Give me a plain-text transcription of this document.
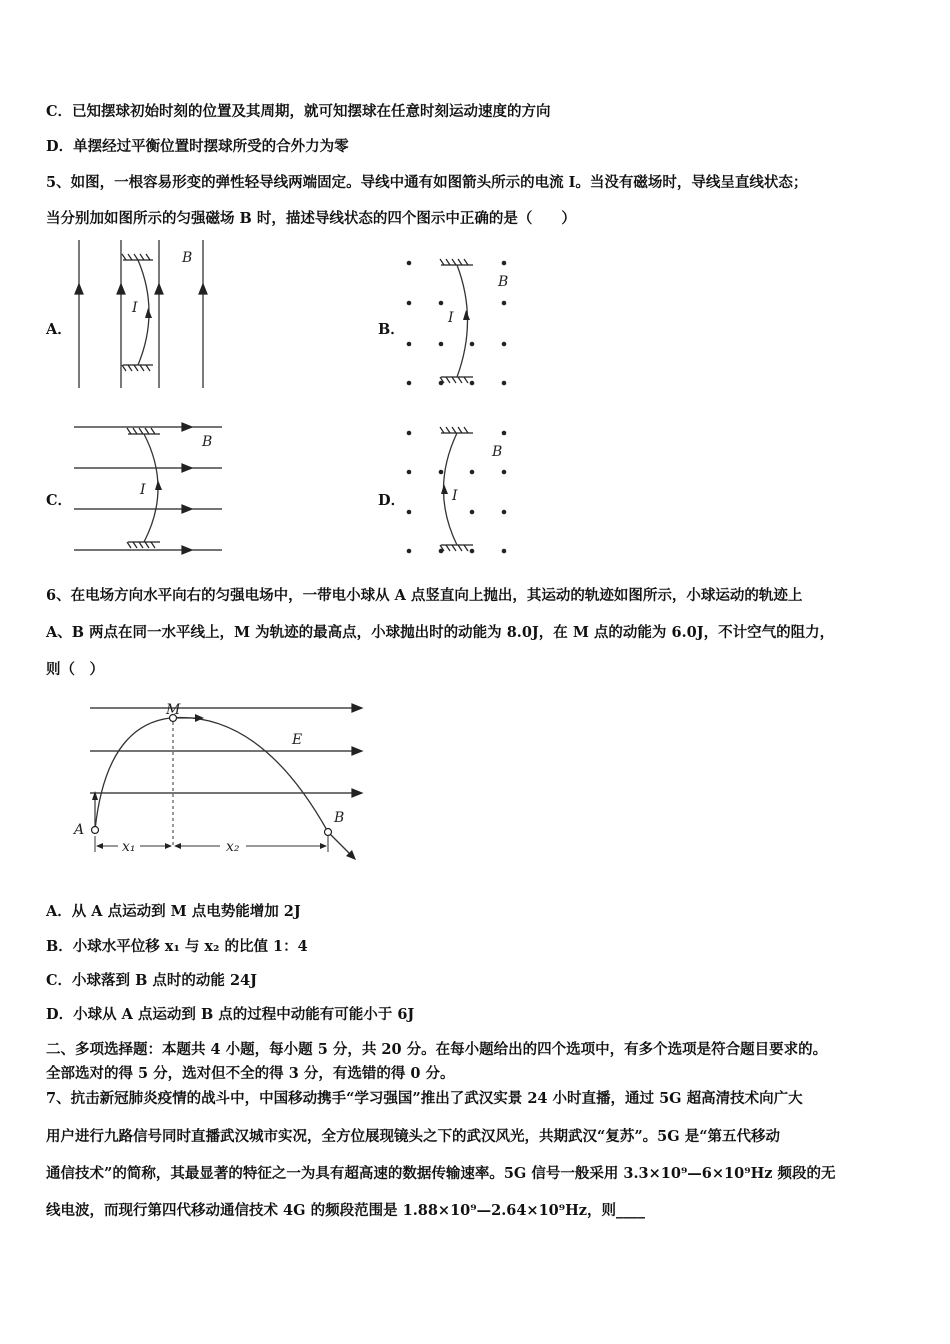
C．已知摆球初始时刻的位置及其周期，就可知摆球在任意时刻运动速度的方向
D．单摆经过平衡位置时摆球所受的合外力为零
5、如图，一根容易形变的弹性轻导线两端固定。导线中通有如图箭头所示的电流 I。当没有磁场时，导线呈直线状态；
当分别加如图所示的匀强磁场 B 时，描述导线状态的四个图示中正确的是（　　）
A．	B．
C．	D．
I
B
I
B
I
B
I
B
6、在电场方向水平向右的匀强电场中，一带电小球从 A 点竖直向上抛出，其运动的轨迹如图所示，小球运动的轨迹上
A、B 两点在同一水平线上，M 为轨迹的最高点，小球抛出时的动能为 8.0J，在 M 点的动能为 6.0J，不计空气的阻力，
则（　）
M
E
A
B
x₁	x₂
A．从 A 点运动到 M 点电势能增加 2J
B．小球水平位移 x₁ 与 x₂ 的比值 1：4
C．小球落到 B 点时的动能 24J
D．小球从 A 点运动到 B 点的过程中动能有可能小于 6J
二、多项选择题：本题共 4 小题，每小题 5 分，共 20 分。在每小题给出的四个选项中，有多个选项是符合题目要求的。
全部选对的得 5 分，选对但不全的得 3 分，有选错的得 0 分。
7、抗击新冠肺炎疫情的战斗中，中国移动携手“学习强国”推出了武汉实景 24 小时直播，通过 5G 超高清技术向广大
用户进行九路信号同时直播武汉城市实况，全方位展现镜头之下的武汉风光，共期武汉“复苏”。5G 是“第五代移动
通信技术”的简称，其最显著的特征之一为具有超高速的数据传输速率。5G 信号一般采用 3.3×10⁹—6×10⁹Hz 频段的无
线电波，而现行第四代移动通信技术 4G 的频段范围是 1.88×10⁹—2.64×10⁹Hz，则____
